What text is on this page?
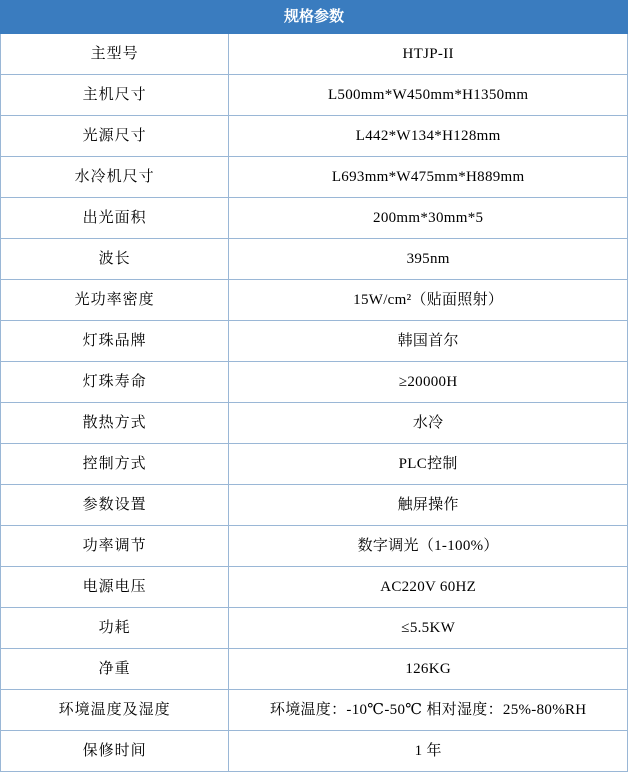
规格参数	
主型号	HTJP-II
主机尺寸	L500mm*W450mm*H1350mm
光源尺寸	L442*W134*H128mm
水冷机尺寸	L693mm*W475mm*H889mm
出光面积	200mm*30mm*5
波长	395nm
光功率密度	15W/cm²（贴面照射）
灯珠品牌	韩国首尔
灯珠寿命	≥20000H
散热方式	水冷
控制方式	PLC控制
参数设置	触屏操作
功率调节	数字调光（1-100%）
电源电压	AC220V 60HZ
功耗	≤5.5KW
净重	126KG
环境温度及湿度	环境温度：-10℃-50℃ 相对湿度：25%-80%RH
保修时间	1 年
